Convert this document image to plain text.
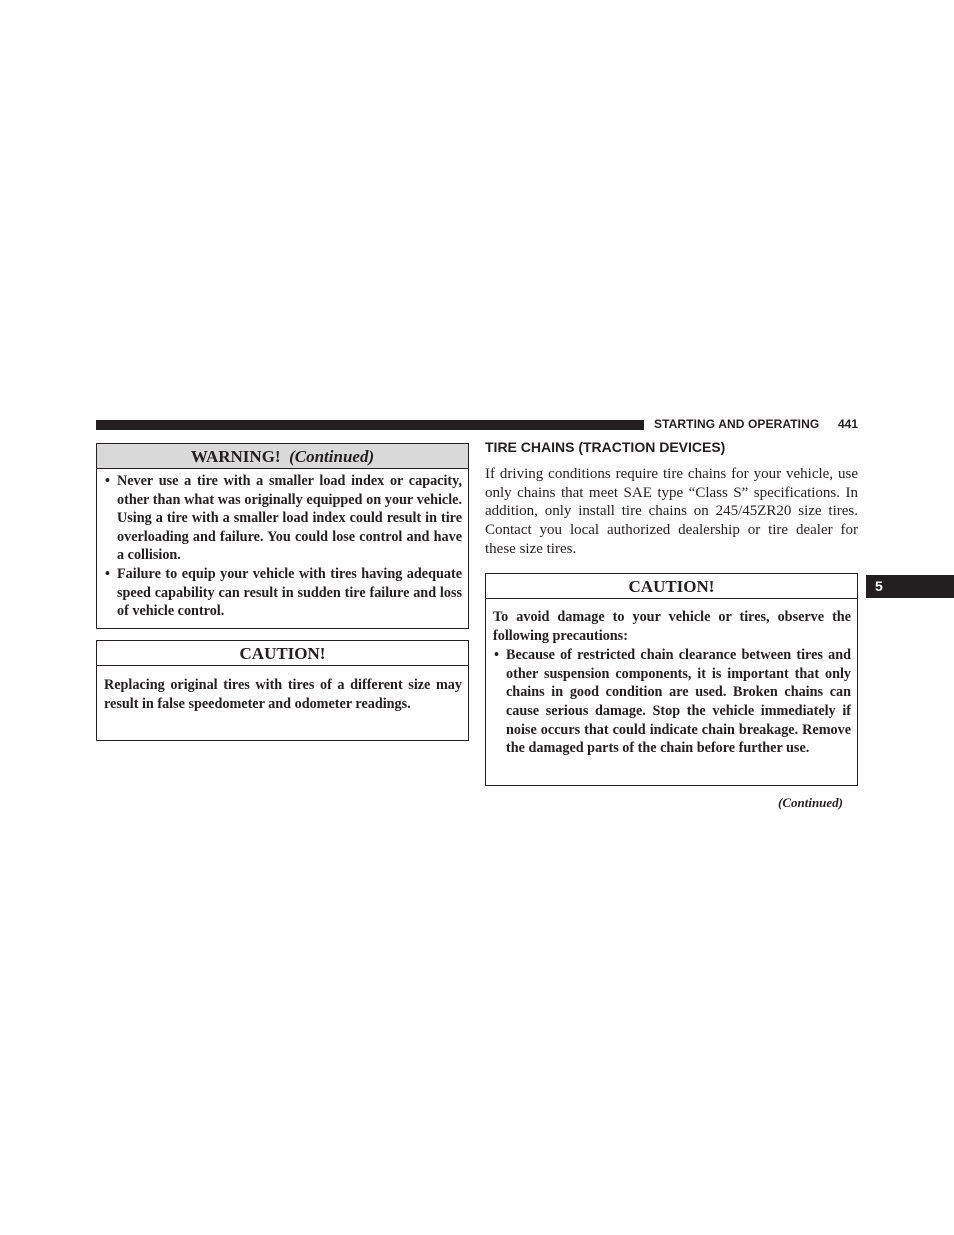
STARTING AND OPERATING 441
WARNING! (Continued)
• Never use a tire with a smaller load index or capacity, other than what was originally equipped on your vehicle. Using a tire with a smaller load index could result in tire overloading and failure. You could lose control and have a collision.
• Failure to equip your vehicle with tires having adequate speed capability can result in sudden tire failure and loss of vehicle control.
CAUTION!

Replacing original tires with tires of a different size may result in false speedometer and odometer readings.

TIRE CHAINS (TRACTION DEVICES)

If driving conditions require tire chains for your vehicle, use only chains that meet SAE type “Class S” specifications. In addition, only install tire chains on 245/45ZR20 size tires. Contact you local authorized dealership or tire dealer for these size tires.

CAUTION!

To avoid damage to your vehicle or tires, observe the following precautions:

• Because of restricted chain clearance between tires and other suspension components, it is important that only chains in good condition are used. Broken chains can cause serious damage. Stop the vehicle immediately if noise occurs that could indicate chain breakage. Remove the damaged parts of the chain before further use.
5
(Continued)
